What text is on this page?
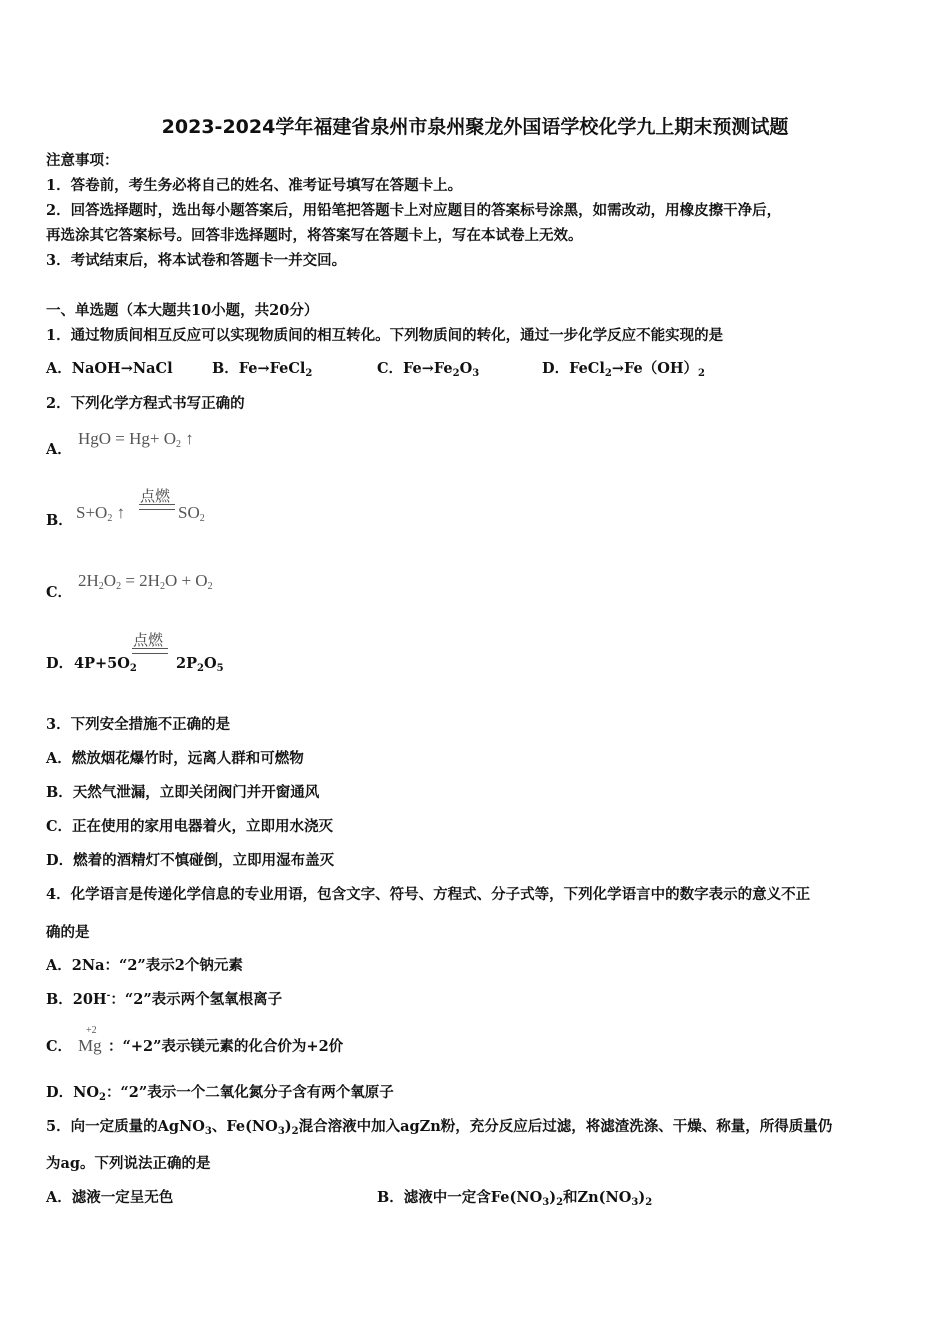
2023-2024学年福建省泉州市泉州聚龙外国语学校化学九上期末预测试题
注意事项：
1．答卷前，考生务必将自己的姓名、准考证号填写在答题卡上。
2．回答选择题时，选出每小题答案后，用铅笔把答题卡上对应题目的答案标号涂黑，如需改动，用橡皮擦干净后，
再选涂其它答案标号。回答非选择题时，将答案写在答题卡上，写在本试卷上无效。
3．考试结束后，将本试卷和答题卡一并交回。
一、单选题（本大题共10小题，共20分）
1．通过物质间相互反应可以实现物质间的相互转化。下列物质间的转化，通过一步化学反应不能实现的是
A．NaOH→NaCl	B．Fe→FeCl$_2$	C．$Fe\to Fe_2O_3$	D．$FeCl_2\to Fe(OH)_2$
2．下列化学方程式书写正确的
A．
HgO = $Hg+ O_2$ ↑
B． $S+O_2$ ↑
点燃
$SO_2$
C．
$2H_2O_2 = 2H_2O + O_2$
D． $4P+5O_2$
点燃
$2P_2O_5$
3．下列安全措施不正确的是
A．燃放烟花爆竹时，远离人群和可燃物
B．天然气泄漏，立即关闭阀门并开窗通风
C．正在使用的家用电器着火，立即用水浇灭
D．燃着的酒精灯不慎碰倒，立即用湿布盖灭
4．化学语言是传递化学信息的专业用语，包含文字、符号、方程式、分子式等，下列化学语言中的数字表示的意义不正
确的是
A．2Na：“2”表示2个钠元素
B．20H-：“2”表示两个氢氧根离子
C．
+2
Mg ：“+2”表示镁元素的化合价为+2价
D．$NO_2$：“2”表示一个二氧化氮分子含有两个氧原子
5．向一定质量的AgNO$_3$、$Fe(NO_3)_2$混合溶液中加入agZn粉，充分反应后过滤，将滤渣洗涤、干燥、称量，所得质量仍
为ag。下列说法正确的是
A．滤液一定呈无色	B．滤液中一定含$Fe(NO_3)_2$和$Zn(NO_3)_2$
